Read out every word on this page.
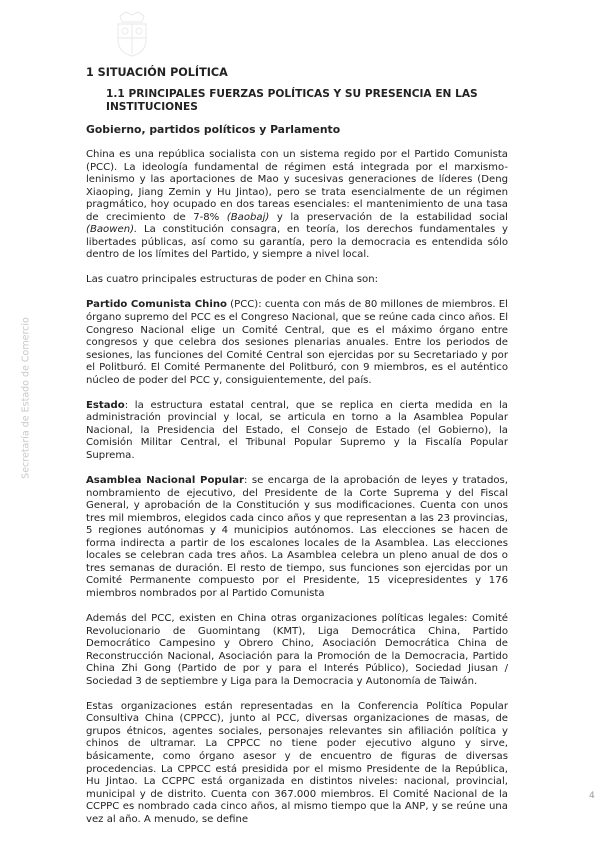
Secretaría de Estado de Comercio
1 SITUACIÓN POLÍTICA
1.1 PRINCIPALES FUERZAS POLÍTICAS Y SU PRESENCIA EN LAS INSTITUCIONES
Gobierno, partidos políticos y Parlamento

China es una república socialista con un sistema regido por el Partido Comunista (PCC). La ideología fundamental de régimen está integrada por el marxismo-leninismo y las aportaciones de Mao y sucesivas generaciones de líderes (Deng Xiaoping, Jiang Zemin y Hu Jintao), pero se trata esencialmente de un régimen pragmático, hoy ocupado en dos tareas esenciales: el mantenimiento de una tasa de crecimiento de 7-8% (Baobaj) y la preservación de la estabilidad social (Baowen). La constitución consagra, en teoría, los derechos fundamentales y libertades públicas, así como su garantía, pero la democracia es entendida sólo dentro de los límites del Partido, y siempre a nivel local.

Las cuatro principales estructuras de poder en China son:

Partido Comunista Chino (PCC): cuenta con más de 80 millones de miembros. El órgano supremo del PCC es el Congreso Nacional, que se reúne cada cinco años. El Congreso Nacional elige un Comité Central, que es el máximo órgano entre congresos y que celebra dos sesiones plenarias anuales. Entre los periodos de sesiones, las funciones del Comité Central son ejercidas por su Secretariado y por el Politburó. El Comité Permanente del Politburó, con 9 miembros, es el auténtico núcleo de poder del PCC y, consiguientemente, del país.

Estado: la estructura estatal central, que se replica en cierta medida en la administración provincial y local, se articula en torno a la Asamblea Popular Nacional, la Presidencia del Estado, el Consejo de Estado (el Gobierno), la Comisión Militar Central, el Tribunal Popular Supremo y la Fiscalía Popular Suprema.

Asamblea Nacional Popular: se encarga de la aprobación de leyes y tratados, nombramiento de ejecutivo, del Presidente de la Corte Suprema y del Fiscal General, y aprobación de la Constitución y sus modificaciones. Cuenta con unos tres mil miembros, elegidos cada cinco años y que representan a las 23 provincias, 5 regiones autónomas y 4 municipios autónomos. Las elecciones se hacen de forma indirecta a partir de los escalones locales de la Asamblea. Las elecciones locales se celebran cada tres años. La Asamblea celebra un pleno anual de dos o tres semanas de duración. El resto de tiempo, sus funciones son ejercidas por un Comité Permanente compuesto por el Presidente, 15 vicepresidentes y 176 miembros nombrados por al Partido Comunista

Además del PCC, existen en China otras organizaciones políticas legales: Comité Revolucionario de Guomintang (KMT), Liga Democrática China, Partido Democrático Campesino y Obrero Chino, Asociación Democrática China de Reconstrucción Nacional, Asociación para la Promoción de la Democracia, Partido China Zhi Gong (Partido de por y para el Interés Público), Sociedad Jiusan / Sociedad 3 de septiembre y Liga para la Democracia y Autonomía de Taiwán.

Estas organizaciones están representadas en la Conferencia Política Popular Consultiva China (CPPCC), junto al PCC, diversas organizaciones de masas, de grupos étnicos, agentes sociales, personajes relevantes sin afiliación política y chinos de ultramar. La CPPCC no tiene poder ejecutivo alguno y sirve, básicamente, como órgano asesor y de encuentro de figuras de diversas procedencias. La CPPCC está presidida por el mismo Presidente de la República, Hu Jintao. La CCPPC está organizada en distintos niveles: nacional, provincial, municipal y de distrito. Cuenta con 367.000 miembros. El Comité Nacional de la CCPPC es nombrado cada cinco años, al mismo tiempo que la ANP, y se reúne una vez al año. A menudo, se define

4
